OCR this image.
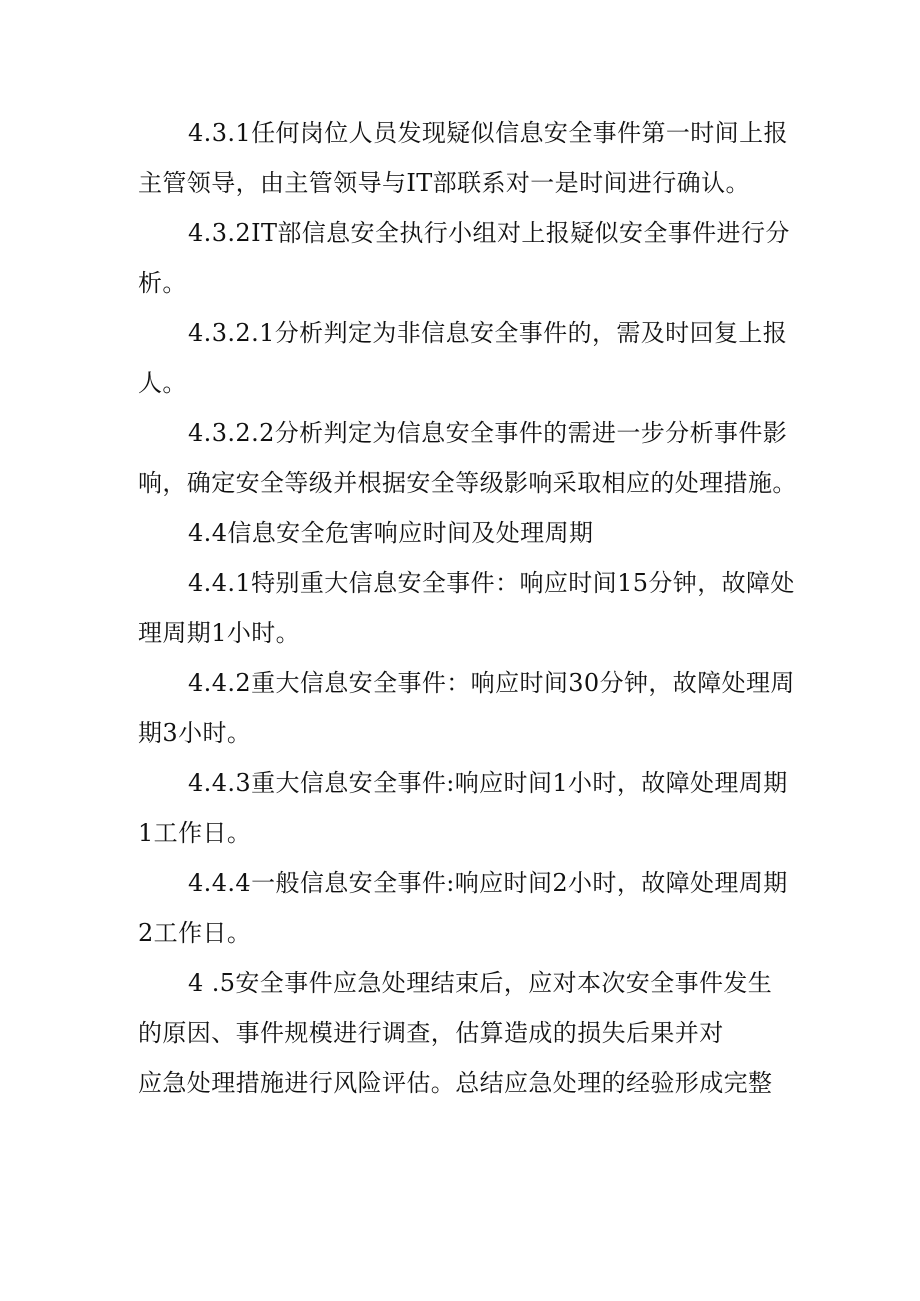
4.3.1任何岗位人员发现疑似信息安全事件第一时间上报
主管领导，由主管领导与IT部联系对一是时间进行确认。
4.3.2IT部信息安全执行小组对上报疑似安全事件进行分
析。
4.3.2.1分析判定为非信息安全事件的，需及时回复上报
人。
4.3.2.2分析判定为信息安全事件的需进一步分析事件影
响，确定安全等级并根据安全等级影响采取相应的处理措施。
4.4信息安全危害响应时间及处理周期
4.4.1特别重大信息安全事件：响应时间15分钟，故障处
理周期1小时。
4.4.2重大信息安全事件：响应时间30分钟，故障处理周
期3小时。
4.4.3重大信息安全事件:响应时间1小时，故障处理周期
1工作日。
4.4.4一般信息安全事件:响应时间2小时，故障处理周期
2工作日。
4 .5安全事件应急处理结束后，应对本次安全事件发生
的原因、事件规模进行调查，估算造成的损失后果并对
应急处理措施进行风险评估。总结应急处理的经验形成完整
